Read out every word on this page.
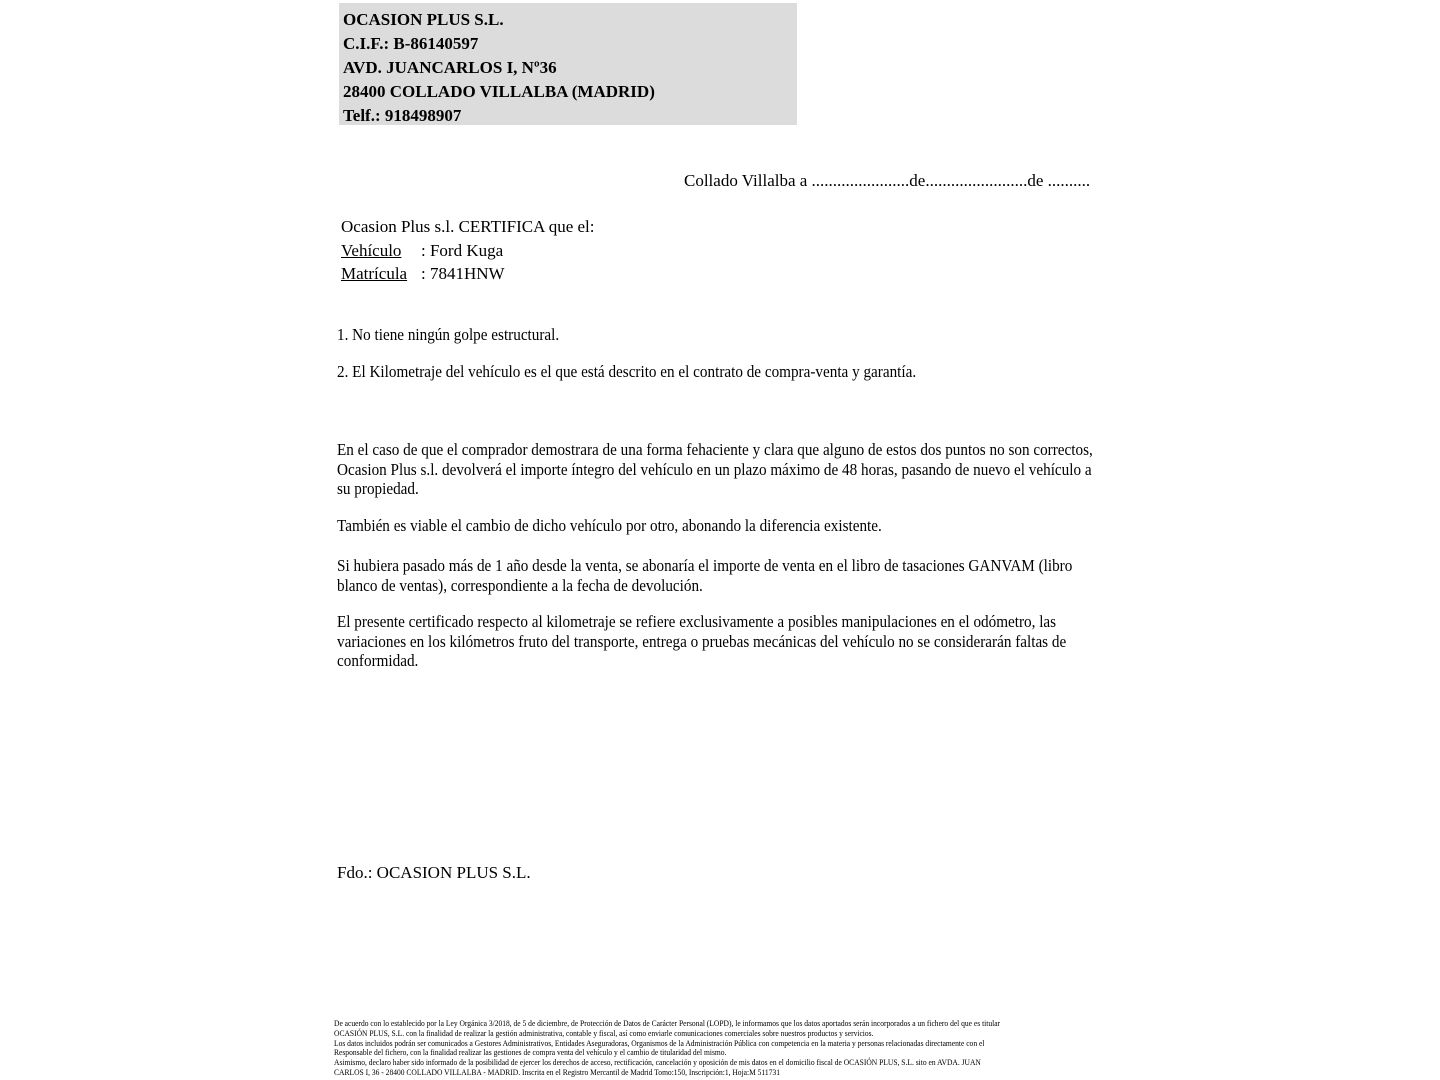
OCASION PLUS S.L.
C.I.F.: B-86140597
AVD. JUANCARLOS I, Nº36
28400 COLLADO VILLALBA (MADRID)
Telf.: 918498907
Collado Villalba a .......................de........................de ..........
Ocasion Plus s.l. CERTIFICA que el:
Vehículo : Ford Kuga
Matrícula : 7841HNW
1. No tiene ningún golpe estructural.
2. El Kilometraje del vehículo es el que está descrito en el contrato de compra-venta y garantía.
En el caso de que el comprador demostrara de una forma fehaciente y clara que alguno de estos dos puntos no son correctos, Ocasion Plus s.l. devolverá el importe íntegro del vehículo en un plazo máximo de 48 horas, pasando de nuevo el vehículo a su propiedad.
También es viable el cambio de dicho vehículo por otro, abonando la diferencia existente.
Si hubiera pasado más de 1 año desde la venta, se abonaría el importe de venta en el libro de tasaciones GANVAM (libro blanco de ventas), correspondiente a la fecha de devolución.
El presente certificado respecto al kilometraje se refiere exclusivamente a posibles manipulaciones en el odómetro, las variaciones en los kilómetros fruto del transporte, entrega o pruebas mecánicas del vehículo no se considerarán faltas de conformidad.
Fdo.: OCASION PLUS S.L.
De acuerdo con lo establecido por la Ley Orgánica 3/2018, de 5 de diciembre, de Protección de Datos de Carácter Personal (LOPD), le informamos que los datos aportados serán incorporados a un fichero del que es titular
OCASIÓN PLUS, S.L. con la finalidad de realizar la gestión administrativa, contable y fiscal, así como enviarle comunicaciones comerciales sobre nuestros productos y servicios.
Los datos incluidos podrán ser comunicados a Gestores Administrativos, Entidades Aseguradoras, Organismos de la Administración Pública con competencia en la materia y personas relacionadas directamente con el
Responsable del fichero, con la finalidad realizar las gestiones de compra venta del vehículo y el cambio de titularidad del mismo.
Asimismo, declaro haber sido informado de la posibilidad de ejercer los derechos de acceso, rectificación, cancelación y oposición de mis datos en el domicilio fiscal de OCASIÓN PLUS, S.L. sito en AVDA. JUAN
CARLOS I, 36 - 28400 COLLADO VILLALBA - MADRID. Inscrita en el Registro Mercantil de Madrid Tomo:150, Inscripción:1, Hoja:M 511731
